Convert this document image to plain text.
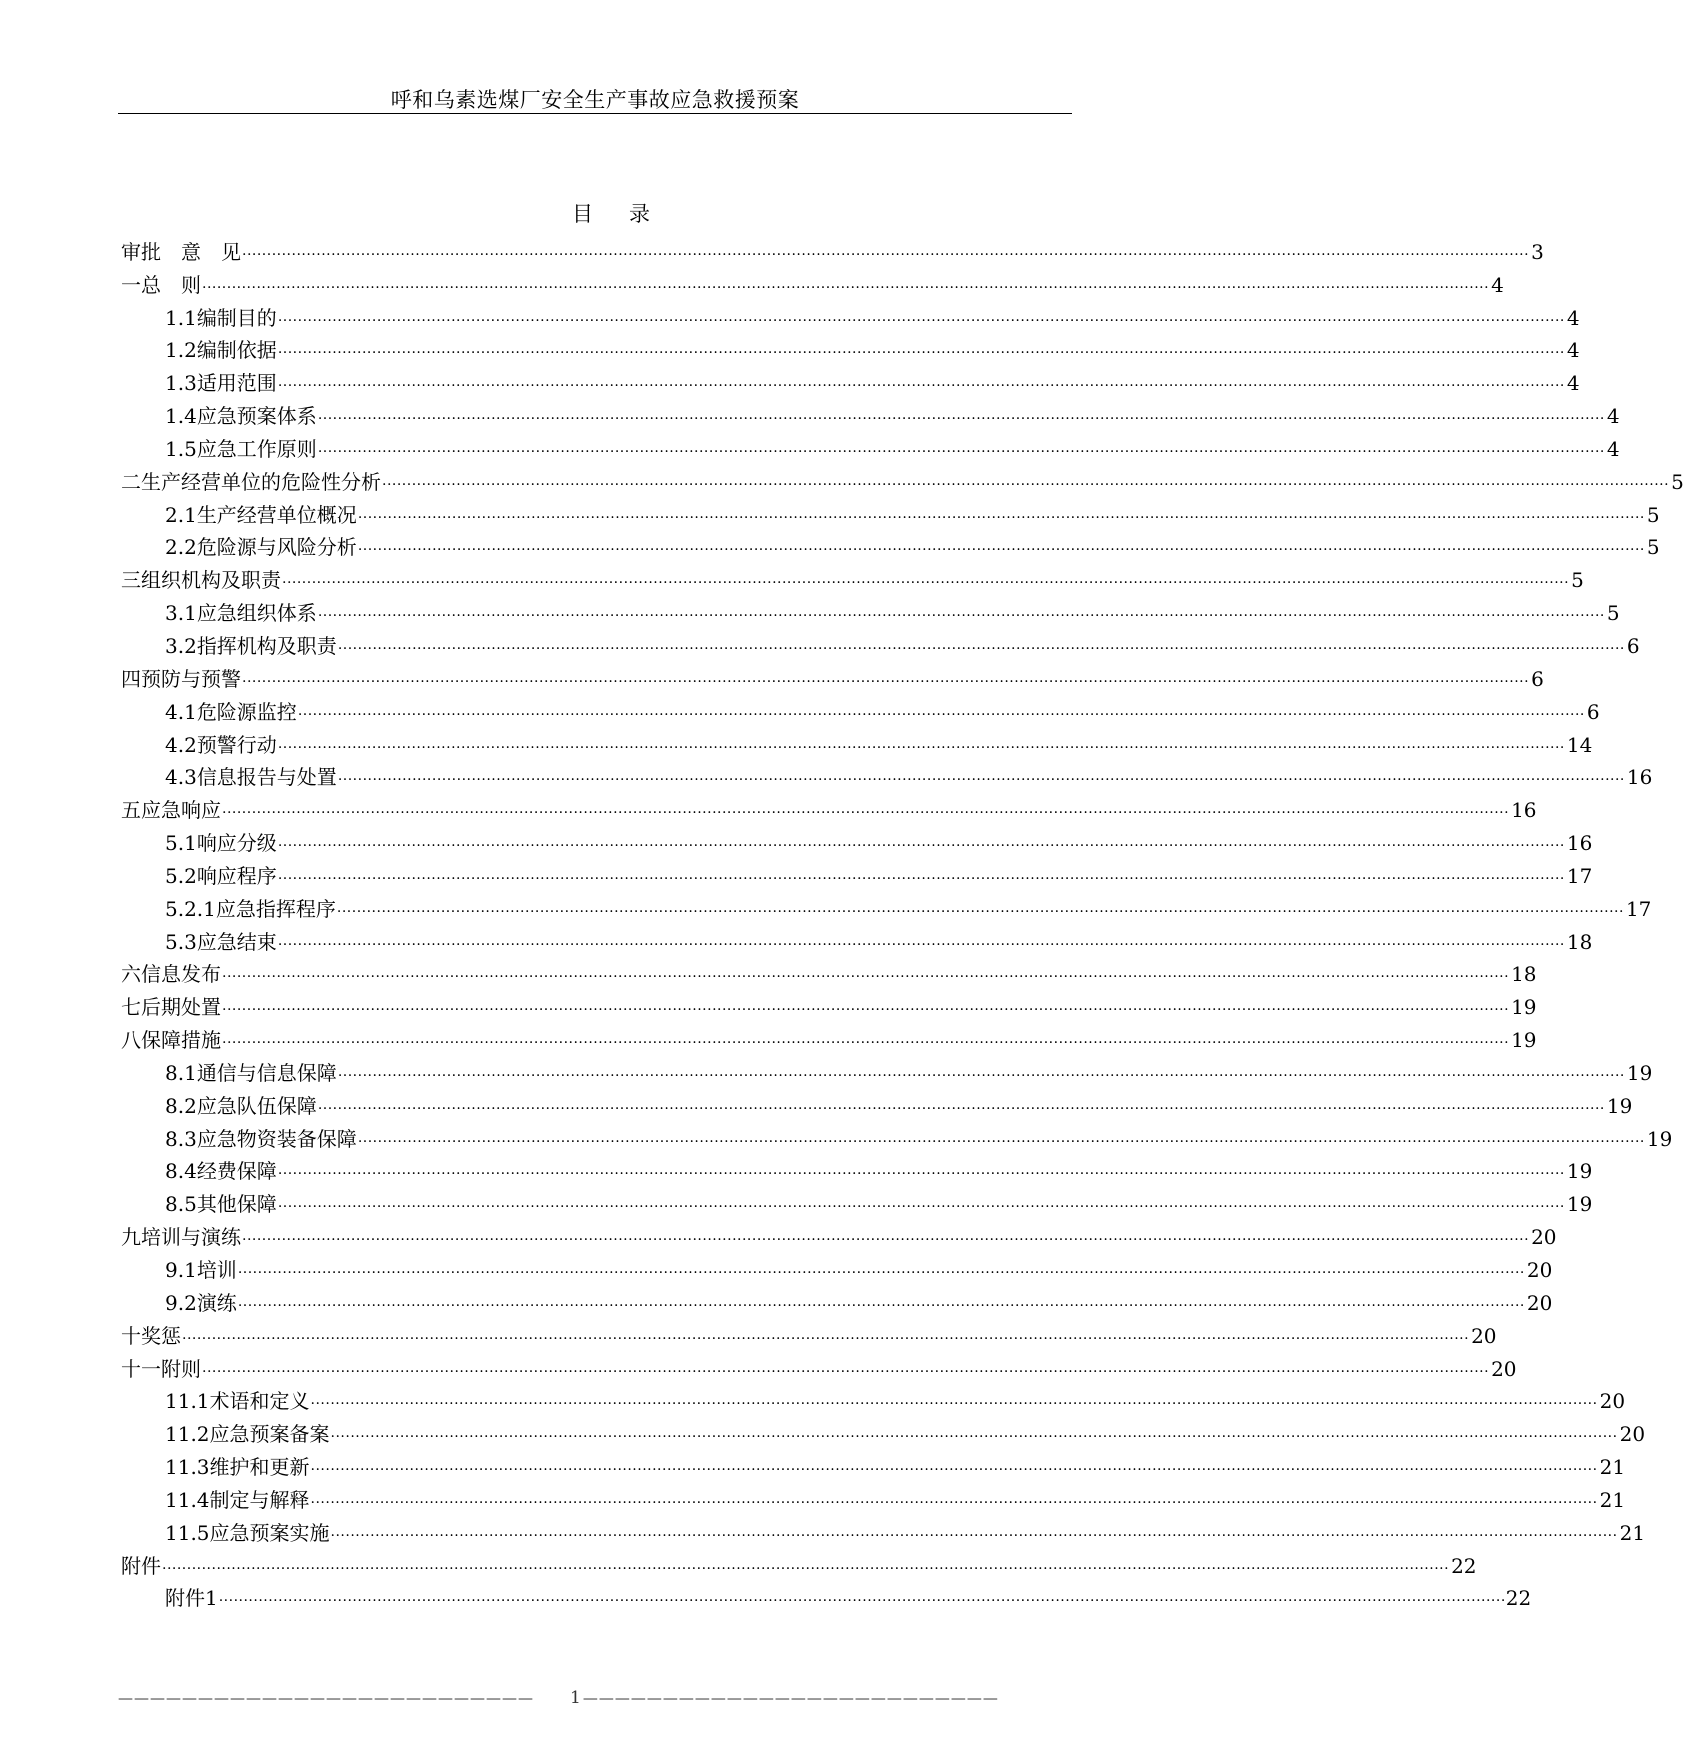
呼和乌素选煤厂安全生产事故应急救援预案
目录
审 批　意　见 .................................................................................................................................................................................................................................................................... 3
一 总　则 .................................................................................................................................................................................................................................................................... 4
1.1 编制目的 .................................................................................................................................................................................................................................................................... 4
1.2 编制依据 .................................................................................................................................................................................................................................................................... 4
1.3 适用范围 .................................................................................................................................................................................................................................................................... 4
1.4 应急预案体系 .................................................................................................................................................................................................................................................................... 4
1.5 应急工作原则 .................................................................................................................................................................................................................................................................... 4
二 生产经营单位的危险性分析 .................................................................................................................................................................................................................................................................... 5
2.1 生产经营单位概况 .................................................................................................................................................................................................................................................................... 5
2.2 危险源与风险分析 .................................................................................................................................................................................................................................................................... 5
三 组织机构及职责 .................................................................................................................................................................................................................................................................... 5
3.1 应急组织体系 .................................................................................................................................................................................................................................................................... 5
3.2 指挥机构及职责 .................................................................................................................................................................................................................................................................... 6
四 预防与预警 .................................................................................................................................................................................................................................................................... 6
4.1 危险源监控 .................................................................................................................................................................................................................................................................... 6
4.2 预警行动 .................................................................................................................................................................................................................................................................... 14
4.3 信息报告与处置 .................................................................................................................................................................................................................................................................... 16
五 应急响应 .................................................................................................................................................................................................................................................................... 16
5.1 响应分级 .................................................................................................................................................................................................................................................................... 16
5.2 响应程序 .................................................................................................................................................................................................................................................................... 17
5.2.1 应急指挥程序 .................................................................................................................................................................................................................................................................... 17
5.3 应急结束 .................................................................................................................................................................................................................................................................... 18
六 信息发布 .................................................................................................................................................................................................................................................................... 18
七 后期处置 .................................................................................................................................................................................................................................................................... 19
八 保障措施 .................................................................................................................................................................................................................................................................... 19
8.1 通信与信息保障 .................................................................................................................................................................................................................................................................... 19
8.2 应急队伍保障 .................................................................................................................................................................................................................................................................... 19
8.3 应急物资装备保障 .................................................................................................................................................................................................................................................................... 19
8.4 经费保障 .................................................................................................................................................................................................................................................................... 19
8.5 其他保障 .................................................................................................................................................................................................................................................................... 19
九 培训与演练 .................................................................................................................................................................................................................................................................... 20
9.1 培训 .................................................................................................................................................................................................................................................................... 20
9.2 演练 .................................................................................................................................................................................................................................................................... 20
十 奖惩 .................................................................................................................................................................................................................................................................... 20
十一 附则 .................................................................................................................................................................................................................................................................... 20
11.1 术语和定义 .................................................................................................................................................................................................................................................................... 20
11.2 应急预案备案 .................................................................................................................................................................................................................................................................... 20
11.3 维护和更新 .................................................................................................................................................................................................................................................................... 21
11.4 制定与解释 .................................................................................................................................................................................................................................................................... 21
11.5 应急预案实施 .................................................................................................................................................................................................................................................................... 21
附 件 .................................................................................................................................................................................................................................................................... 22
附件1 .................................................................................................................................................................................................................................................................... 22
—————————————————————————— 1 ——————————————————————————
